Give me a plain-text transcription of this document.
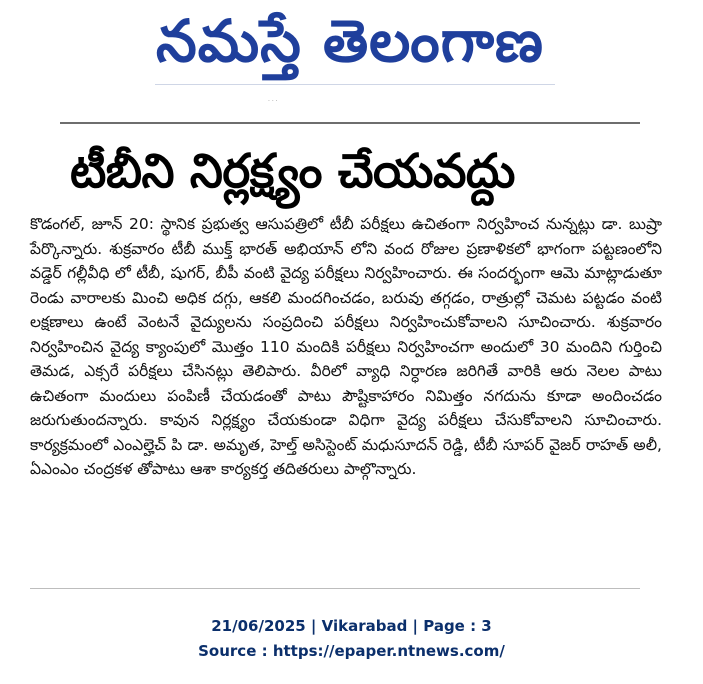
నమస్తే తెలంగాణ
· · ·
టీబీని నిర్లక్ష్యం చేయవద్దు

కొడంగల్, జూన్ 20: స్థానిక ప్రభుత్వ ఆసుపత్రిలో టీబీ పరీక్షలు ఉచితంగా నిర్వహించ నున్నట్లు డా. బుష్రా పేర్కొన్నారు. శుక్రవారం టీబీ ముక్త్ భారత్ అభియాన్ లోని వంద రోజుల ప్రణాళికలో భాగంగా పట్టణంలోని వడ్డెర్ గల్లీవీధి లో టీబీ, షుగర్, బీపీ వంటి వైద్య పరీక్షలు నిర్వహించారు. ఈ సందర్భంగా ఆమె మాట్లాడుతూ రెండు వారాలకు మించి అధిక దగ్గు, ఆకలి మందగించడం, బరువు తగ్గడం, రాత్రుల్లో చెమట పట్టడం వంటి లక్షణాలు ఉంటే వెంటనే వైద్యులను సంప్రదించి పరీక్షలు నిర్వహించుకోవాలని సూచించారు. శుక్రవారం నిర్వహించిన వైద్య క్యాంపులో మొత్తం 110 మందికి పరీక్షలు నిర్వహించగా అందులో 30 మందిని గుర్తించి తెమడ, ఎక్సరే పరీక్షలు చేసినట్లు తెలిపారు. వీరిలో వ్యాధి నిర్ధారణ జరిగితే వారికి ఆరు నెలల పాటు ఉచితంగా మందులు పంపిణీ చేయడంతో పాటు పౌష్టికాహారం నిమిత్తం నగదును కూడా అందించడం జరుగుతుందన్నారు. కావున నిర్లక్ష్యం చేయకుండా విధిగా వైద్య పరీక్షలు చేసుకోవాలని సూచించారు. కార్యక్రమంలో ఎంఎల్హెచ్ పి డా. అమృత, హెల్త్ అసిస్టెంట్ మధుసూదన్ రెడ్డి, టీబీ సూపర్ వైజర్ రాహత్ అలీ, ఏఎంఎం చంద్రకళ తోపాటు ఆశా కార్యకర్త తదితరులు పాల్గొన్నారు.

21/06/2025 | Vikarabad | Page : 3
Source : https://epaper.ntnews.com/
